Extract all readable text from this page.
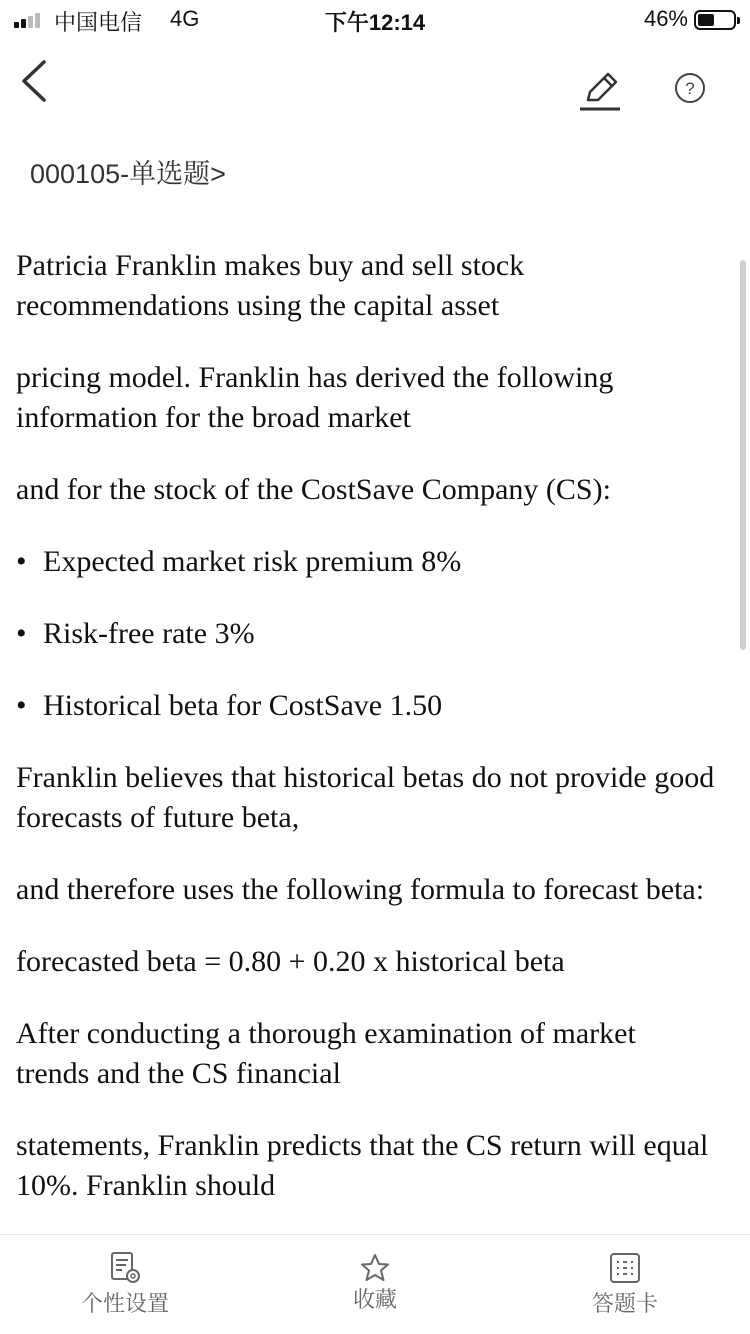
中国电信 4G	下午12:14	46%
?
000105-单选题>

Patricia Franklin makes buy and sell stock recommendations using the capital asset

pricing model. Franklin has derived the following information for the broad market

and for the stock of the CostSave Company (CS):

• Expected market risk premium 8%

• Risk-free rate 3%

• Historical beta for CostSave 1.50

Franklin believes that historical betas do not provide good forecasts of future beta,

and therefore uses the following formula to forecast beta:

forecasted beta = 0.80 + 0.20 x historical beta

After conducting a thorough examination of market trends and the CS financial

statements, Franklin predicts that the CS return will equal 10%. Franklin should

个性设置	收藏	答题卡
